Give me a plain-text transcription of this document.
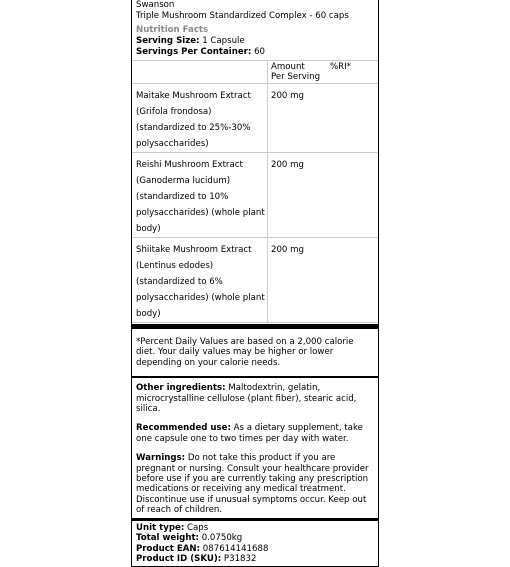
Swanson
Triple Mushroom Standardized Complex - 60 caps
Nutrition Facts
Serving Size: 1 Capsule
Servings Per Container: 60

	Amount
Per Serving	%RI*

Maitake Mushroom Extract
(Grifola frondosa)
(standardized to 25%-30%
polysaccharides)	200 mg	

Reishi Mushroom Extract
(Ganoderma lucidum)
(standardized to 10%
polysaccharides) (whole plant
body)	200 mg	

Shiitake Mushroom Extract
(Lentinus edodes)
(standardized to 6%
polysaccharides) (whole plant
body)	200 mg	

*Percent Daily Values are based on a 2,000 calorie diet. Your daily values may be higher or lower depending on your calorie needs.
Other ingredients: Maltodextrin, gelatin, microcrystalline cellulose (plant fiber), stearic acid, silica.
Recommended use: As a dietary supplement, take one capsule one to two times per day with water.
Warnings: Do not take this product if you are pregnant or nursing. Consult your healthcare provider before use if you are currently taking any prescription medications or receiving any medical treatment. Discontinue use if unusual symptoms occur. Keep out of reach of children.
Unit type: Caps
Total weight: 0.0750kg
Product EAN: 087614141688
Product ID (SKU): P31832
